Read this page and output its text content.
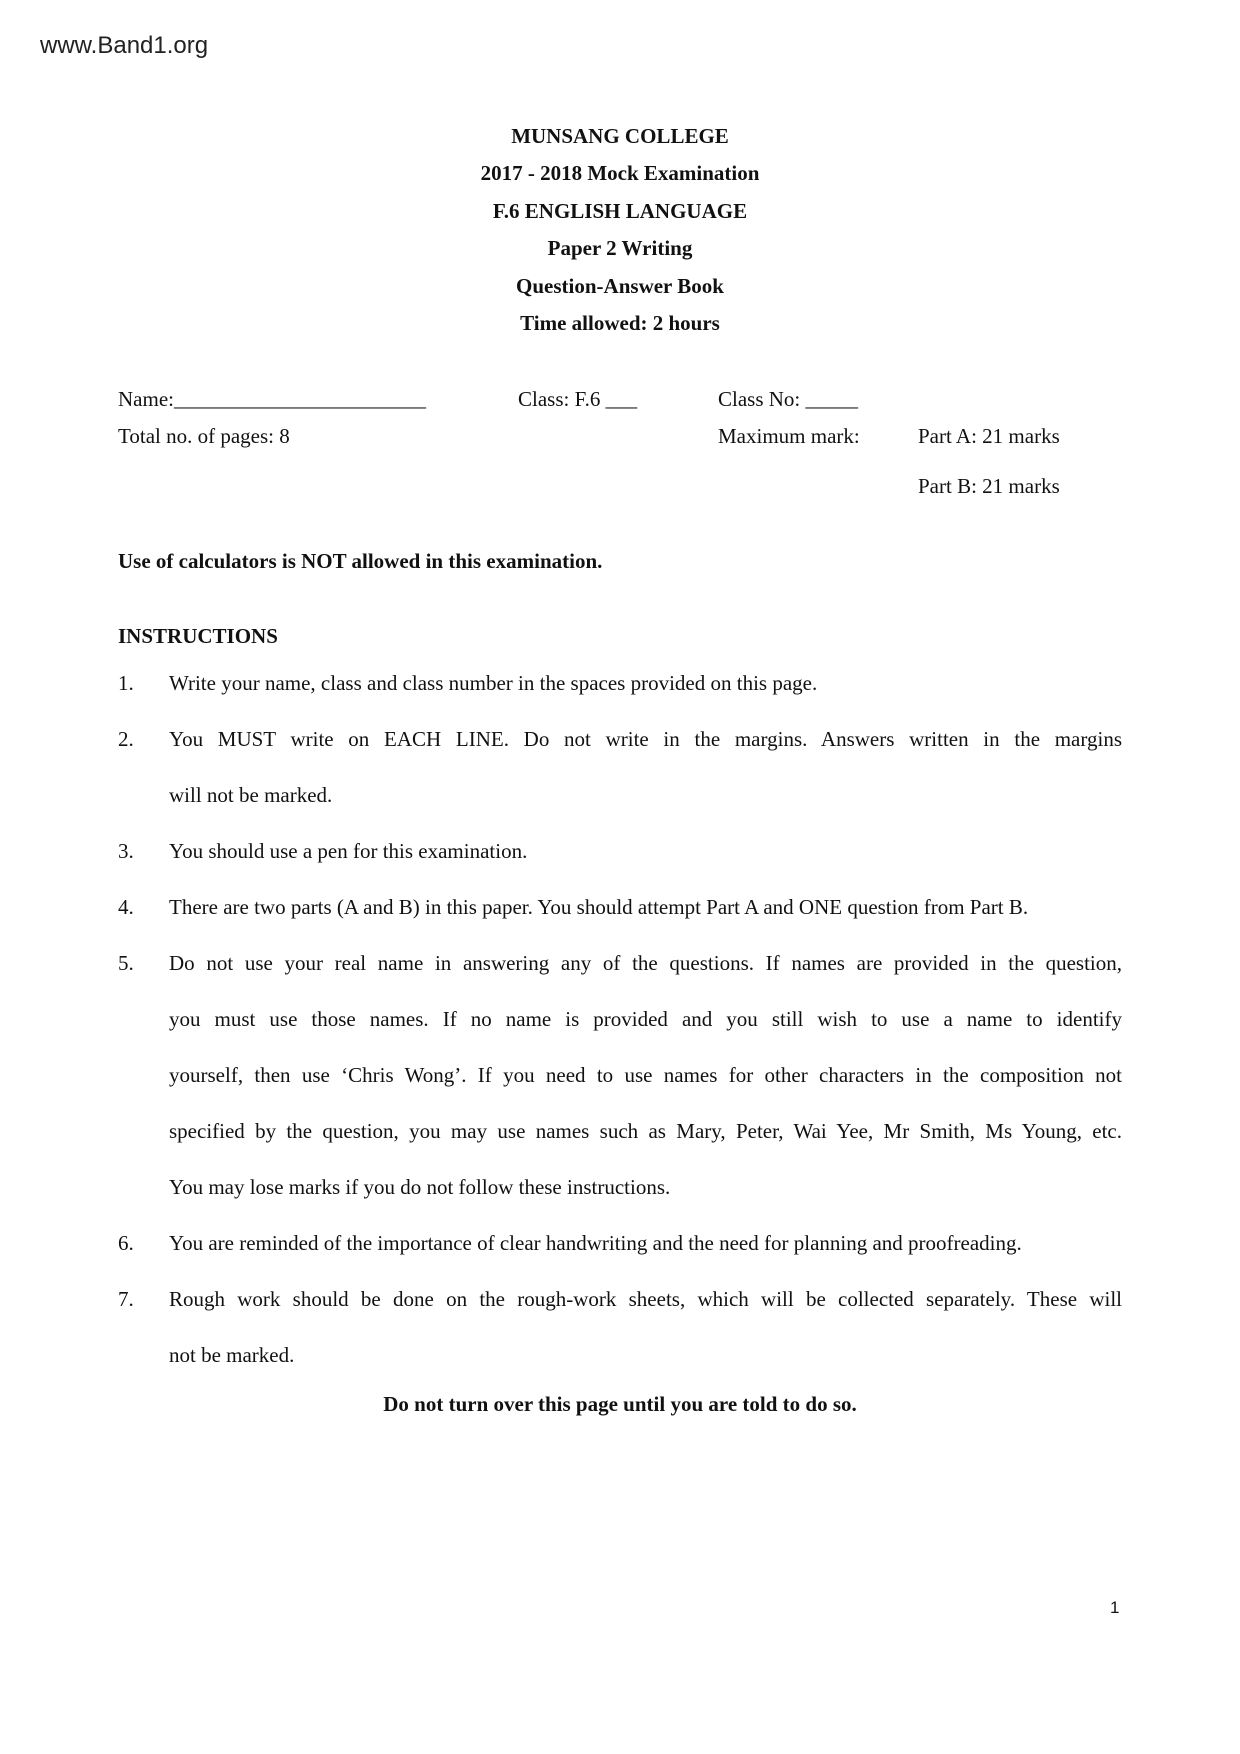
www.Band1.org
MUNSANG COLLEGE
2017 - 2018 Mock Examination
F.6 ENGLISH LANGUAGE
Paper 2 Writing
Question-Answer Book
Time allowed: 2 hours
Name:________________________	Class: F.6 ___	Class No: _____
Total no. of pages: 8	Maximum mark:	Part A: 21 marks
Part B: 21 marks
Use of calculators is NOT allowed in this examination.
INSTRUCTIONS
1. Write your name, class and class number in the spaces provided on this page.
2. You MUST write on EACH LINE. Do not write in the margins. Answers written in the margins
will not be marked.
3. You should use a pen for this examination.
4. There are two parts (A and B) in this paper. You should attempt Part A and ONE question from Part B.
5. Do not use your real name in answering any of the questions. If names are provided in the question,
you must use those names. If no name is provided and you still wish to use a name to identify
yourself, then use ‘Chris Wong’. If you need to use names for other characters in the composition not
specified by the question, you may use names such as Mary, Peter, Wai Yee, Mr Smith, Ms Young, etc.
You may lose marks if you do not follow these instructions.
6. You are reminded of the importance of clear handwriting and the need for planning and proofreading.
7. Rough work should be done on the rough-work sheets, which will be collected separately. These will
not be marked.
Do not turn over this page until you are told to do so.
1
